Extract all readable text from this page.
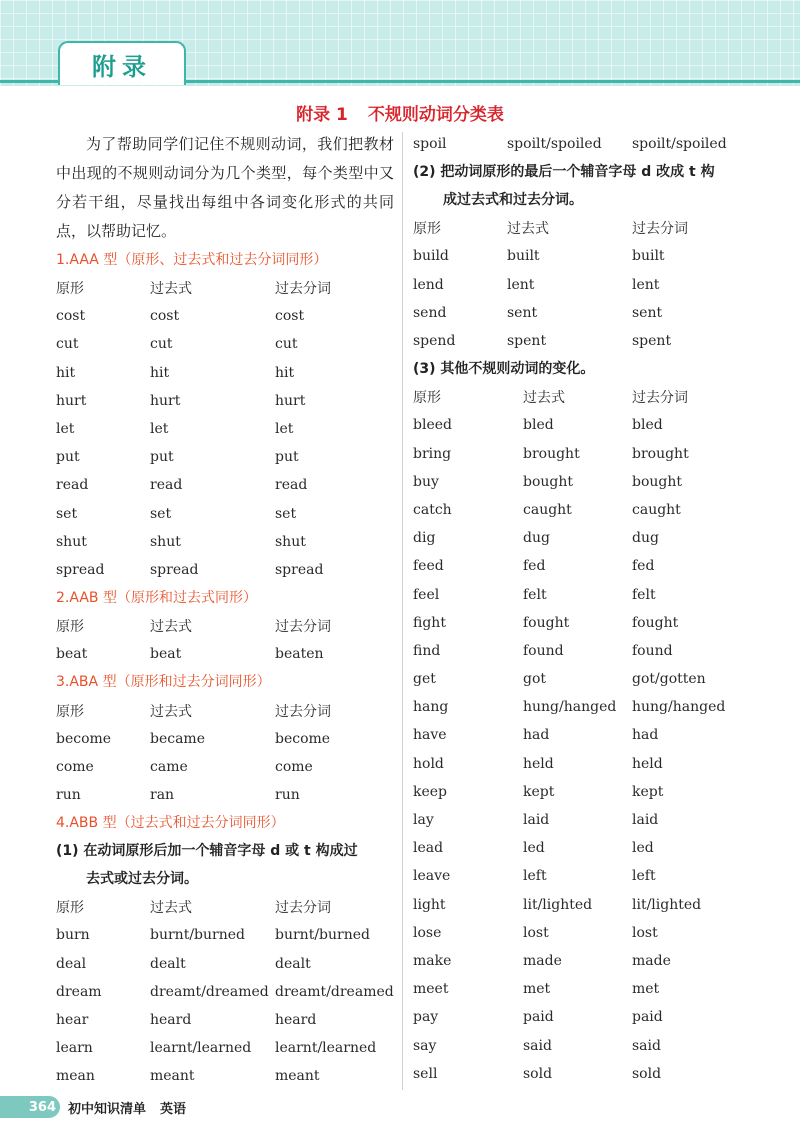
附录
附录 1 不规则动词分类表

为了帮助同学们记住不规则动词，我们把教材中出现的不规则动词分为几个类型，每个类型中又分若干组，尽量找出每组中各词变化形式的共同点，以帮助记忆。

1.AAA 型（原形、过去式和过去分词同形）
原形	过去式	过去分词
cost	cost	cost
cut	cut	cut
hit	hit	hit
hurt	hurt	hurt
let	let	let
put	put	put
read	read	read
set	set	set
shut	shut	shut
spread	spread	spread
2.AAB 型（原形和过去式同形）
原形	过去式	过去分词
beat	beat	beaten
3.ABA 型（原形和过去分词同形）
原形	过去式	过去分词
become	became	become
come	came	come
run	ran	run
4.ABB 型（过去式和过去分词同形）
(1) 在动词原形后加一个辅音字母 d 或 t 构成过
去式或过去分词。
原形	过去式	过去分词
burn	burnt/burned	burnt/burned
deal	dealt	dealt
dream	dreamt/dreamed dreamt/dreamed
hear	heard	heard
learn	learnt/learned	learnt/learned
mean	meant	meant
spoil	spoilt/spoiled	spoilt/spoiled
(2) 把动词原形的最后一个辅音字母 d 改成 t 构
成过去式和过去分词。
原形	过去式	过去分词
build	built	built
lend	lent	lent
send	sent	sent
spend	spent	spent
(3) 其他不规则动词的变化。
原形	过去式	过去分词
bleed	bled	bled
bring	brought	brought
buy	bought	bought
catch	caught	caught
dig	dug	dug
feed	fed	fed
feel	felt	felt
fight	fought	fought
find	found	found
get	got	got/gotten
hang	hung/hanged	hung/hanged
have	had	had
hold	held	held
keep	kept	kept
lay	laid	laid
lead	led	led
leave	left	left
light	lit/lighted	lit/lighted
lose	lost	lost
make	made	made
meet	met	met
pay	paid	paid
say	said	said
sell	sold	sold
364 初中知识清单 英语
